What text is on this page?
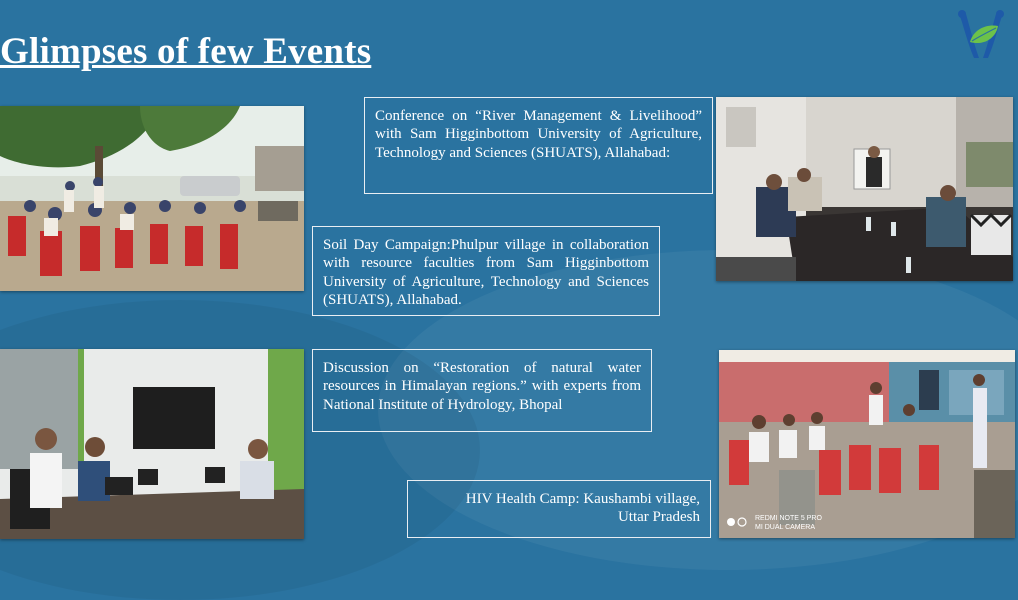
Glimpses of few Events
Conference on “River Management & Livelihood” with Sam Higginbottom University of Agriculture, Technology and Sciences (SHUATS), Allahabad:
Soil Day Campaign:Phulpur village in collaboration with resource faculties from Sam Higginbottom University of Agriculture, Technology and Sciences (SHUATS), Allahabad.
Discussion on “Restoration of natural water resources in Himalayan regions.” with experts from National Institute of Hydrology, Bhopal
HIV Health Camp: Kaushambi village,
Uttar Pradesh	REDMI NOTE 5 PRO
MI DUAL CAMERA
